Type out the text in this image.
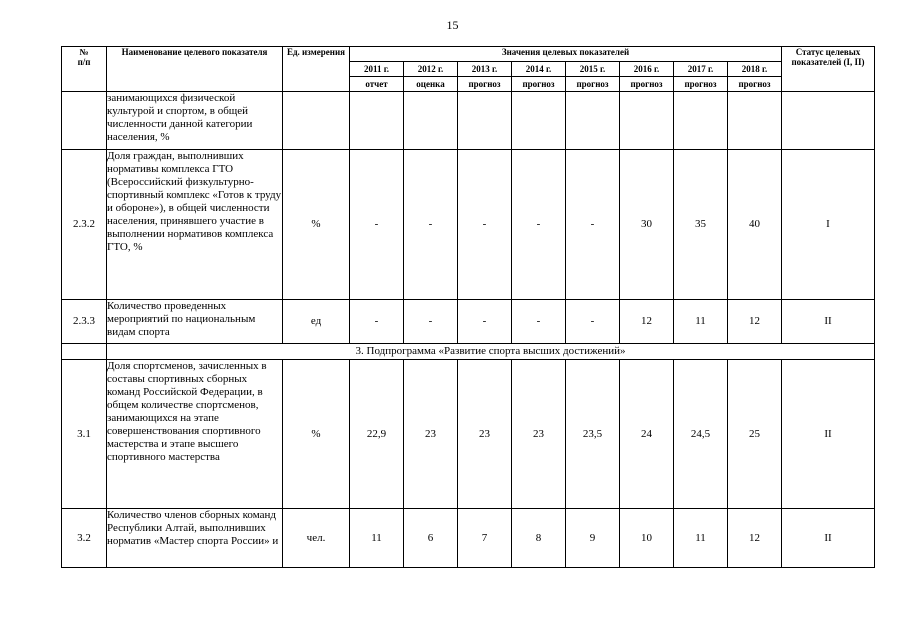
15
№
п/п	Наименование целевого показателя	Ед. измерения	Значения целевых показателей								Статус целевых показателей (I, II)
			2011 г.	2012 г.	2013 г.	2014 г.	2015 г.	2016 г.	2017 г.	2018 г.	
			отчет	оценка	прогноз	прогноз	прогноз	прогноз	прогноз	прогноз	
	занимающихся физической культурой и спортом, в общей численности данной категории населения, %										
2.3.2	Доля граждан, выполнивших нормативы комплекса ГТО (Всероссийский физкультурно-спортивный комплекс «Готов к труду и обороне»), в общей численности населения, принявшего участие в выполнении нормативов комплекса ГТО, %	%	-	-	-	-	-	30	35	40	I
2.3.3	Количество проведенных мероприятий по национальным видам спорта	ед	-	-	-	-	-	12	11	12	II
	3. Подпрограмма «Развитие спорта высших достижений»										
3.1	Доля спортсменов, зачисленных в составы спортивных сборных команд Российской Федерации, в общем количестве спортсменов, занимающихся на этапе совершенствования спортивного мастерства и этапе высшего спортивного мастерства	%	22,9	23	23	23	23,5	24	24,5	25	II
3.2	Количество членов сборных команд Республики Алтай, выполнивших норматив «Мастер спорта России» и	чел.	11	6	7	8	9	10	11	12	II
